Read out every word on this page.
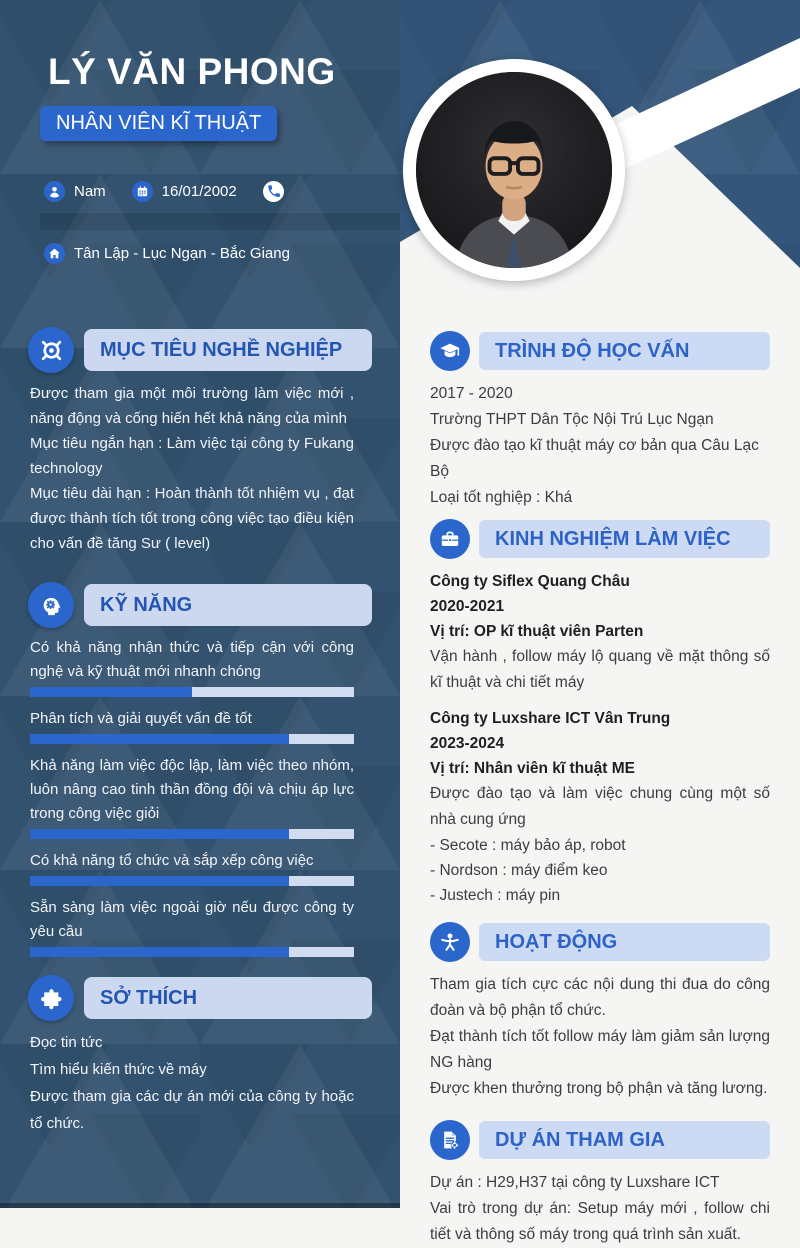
LÝ VĂN PHONG
NHÂN VIÊN KĨ THUẬT
Nam	16/01/2002
Tân Lập - Lục Ngạn - Bắc Giang
MỤC TIÊU NGHỀ NGHIỆP
Được tham gia một môi trường làm việc mới , năng động và cống hiến hết khả năng của mình
Mục tiêu ngắn hạn : Làm việc tại công ty Fukang technology
Mục tiêu dài hạn : Hoàn thành tốt nhiệm vụ , đạt được thành tích tốt trong công việc tạo điều kiện cho vấn đề tăng Sư ( level)
KỸ NĂNG
Có khả năng nhận thức và tiếp cận với công nghệ và kỹ thuật mới nhanh chóng
Phân tích và giải quyết vấn đề tốt
Khả năng làm việc độc lập, làm việc theo nhóm, luôn nâng cao tinh thần đồng đội và chịu áp lực trong công việc giỏi
Có khả năng tổ chức và sắp xếp công việc
Sẵn sàng làm việc ngoài giờ nếu được công ty yêu cầu
SỞ THÍCH
Đọc tin tức
Tìm hiểu kiến thức về máy
Được tham gia các dự án mới của công ty hoặc tổ chức.
TRÌNH ĐỘ HỌC VẤN
2017 - 2020
Trường THPT Dân Tộc Nội Trú Lục Ngạn
Được đào tạo kĩ thuật máy cơ bản qua Câu Lạc Bộ
Loại tốt nghiệp : Khá
KINH NGHIỆM LÀM VIỆC
Công ty Siflex Quang Châu
2020-2021
Vị trí: OP kĩ thuật viên Parten
Vận hành , follow máy lộ quang về mặt thông số kĩ thuật và chi tiết máy
Công ty Luxshare ICT Vân Trung
2023-2024
Vị trí: Nhân viên kĩ thuật ME
Được đào tạo và làm việc chung cùng một số nhà cung ứng
- Secote : máy bảo áp, robot
- Nordson : máy điểm keo
- Justech : máy pin
HOẠT ĐỘNG
Tham gia tích cực các nội dung thi đua do công đoàn và bộ phận tổ chức.
Đạt thành tích tốt follow máy làm giảm sản lượng NG hàng
Được khen thưởng trong bộ phận và tăng lương.
DỰ ÁN THAM GIA
Dự án : H29,H37 tại công ty Luxshare ICT
Vai trò trong dự án: Setup máy mới , follow chi tiết và thông số máy trong quá trình sản xuất.
